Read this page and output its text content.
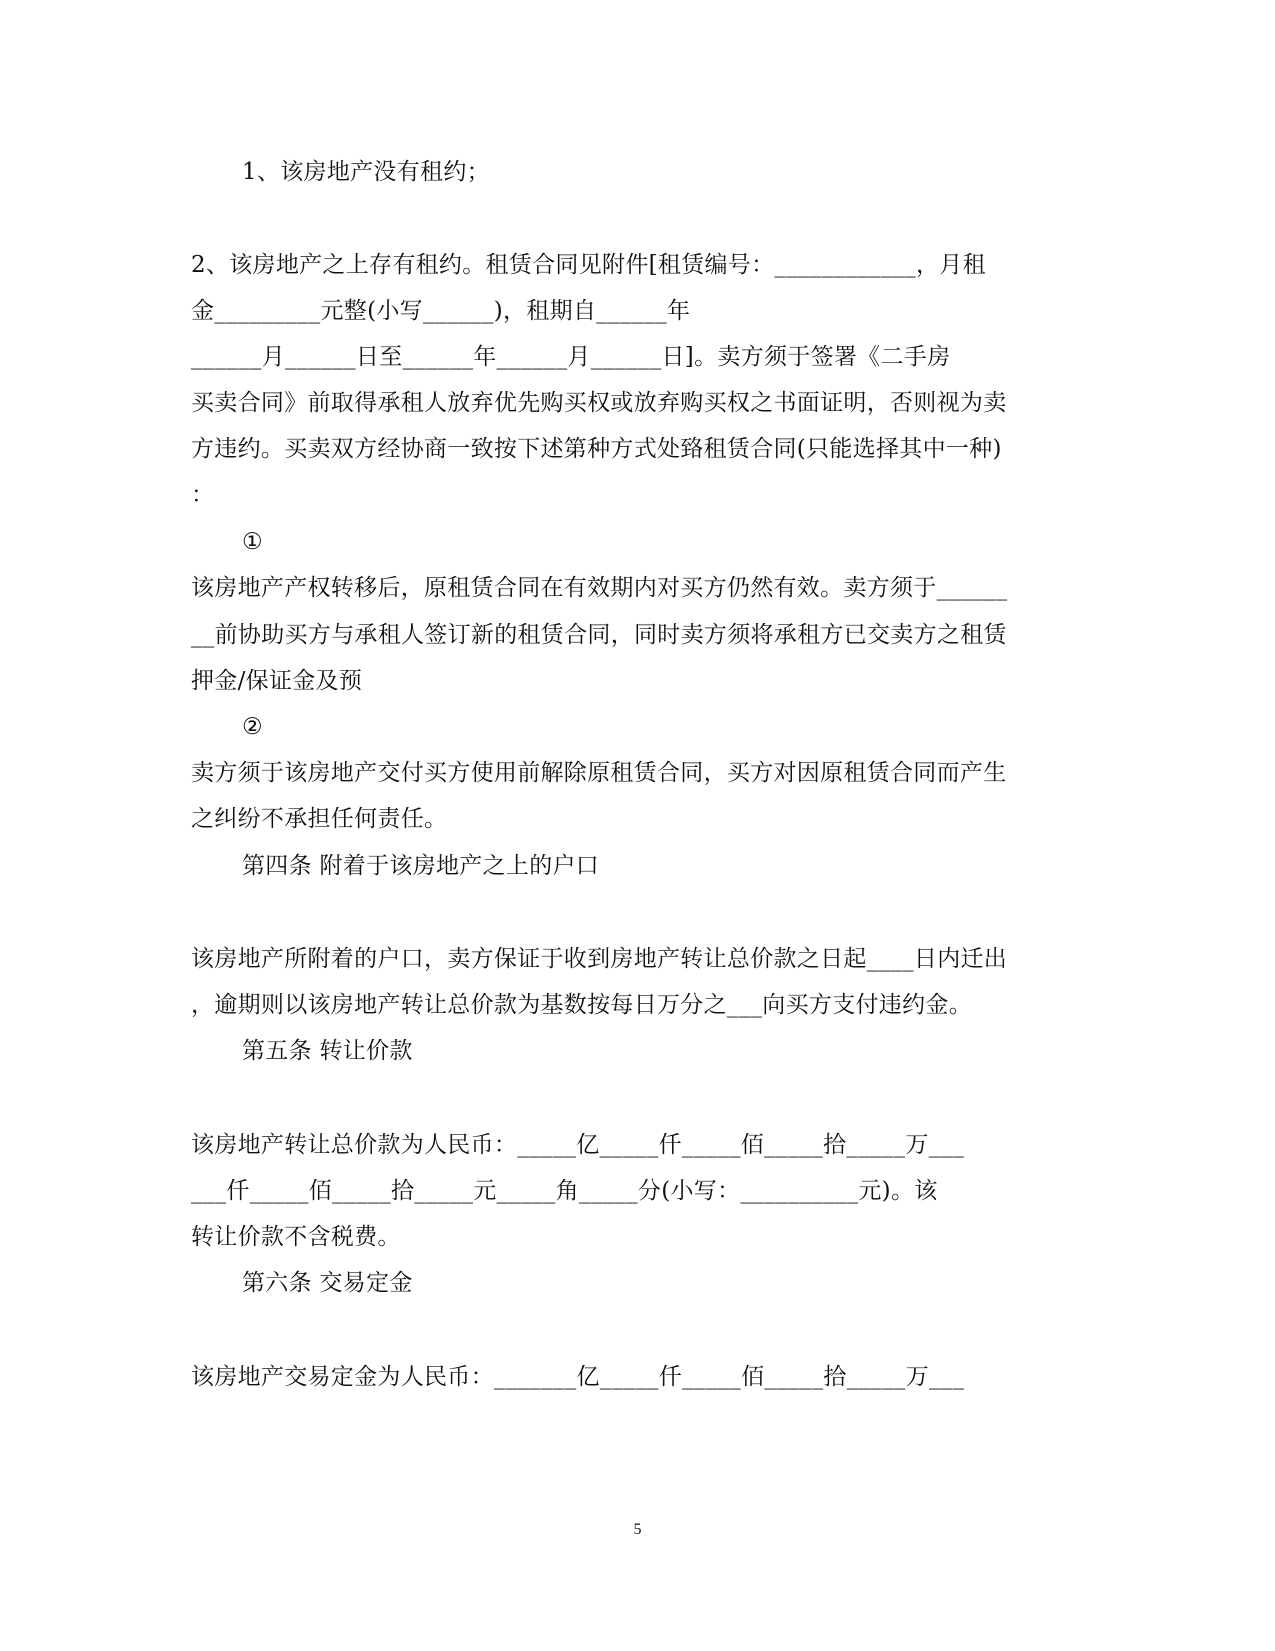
1、该房地产没有租约；
2、该房地产之上存有租约。租赁合同见附件[租赁编号：____________，月租
金_________元整(小写______)，租期自______年
______月______日至______年______月______日]。卖方须于签署《二手房
买卖合同》前取得承租人放弃优先购买权或放弃购买权之书面证明，否则视为卖
方违约。买卖双方经协商一致按下述第种方式处臵租赁合同(只能选择其中一种)
：
①
该房地产产权转移后，原租赁合同在有效期内对买方仍然有效。卖方须于______
__前协助买方与承租人签订新的租赁合同，同时卖方须将承租方已交卖方之租赁
押金/保证金及预
②
卖方须于该房地产交付买方使用前解除原租赁合同，买方对因原租赁合同而产生
之纠纷不承担任何责任。
第四条 附着于该房地产之上的户口
该房地产所附着的户口，卖方保证于收到房地产转让总价款之日起____日内迁出
，逾期则以该房地产转让总价款为基数按每日万分之___向买方支付违约金。
第五条 转让价款
该房地产转让总价款为人民币：_____亿_____仟_____佰_____拾_____万___
___仟_____佰_____拾_____元_____角_____分(小写：__________元)。该
转让价款不含税费。
第六条 交易定金
该房地产交易定金为人民币：_______亿_____仟_____佰_____拾_____万___
5
